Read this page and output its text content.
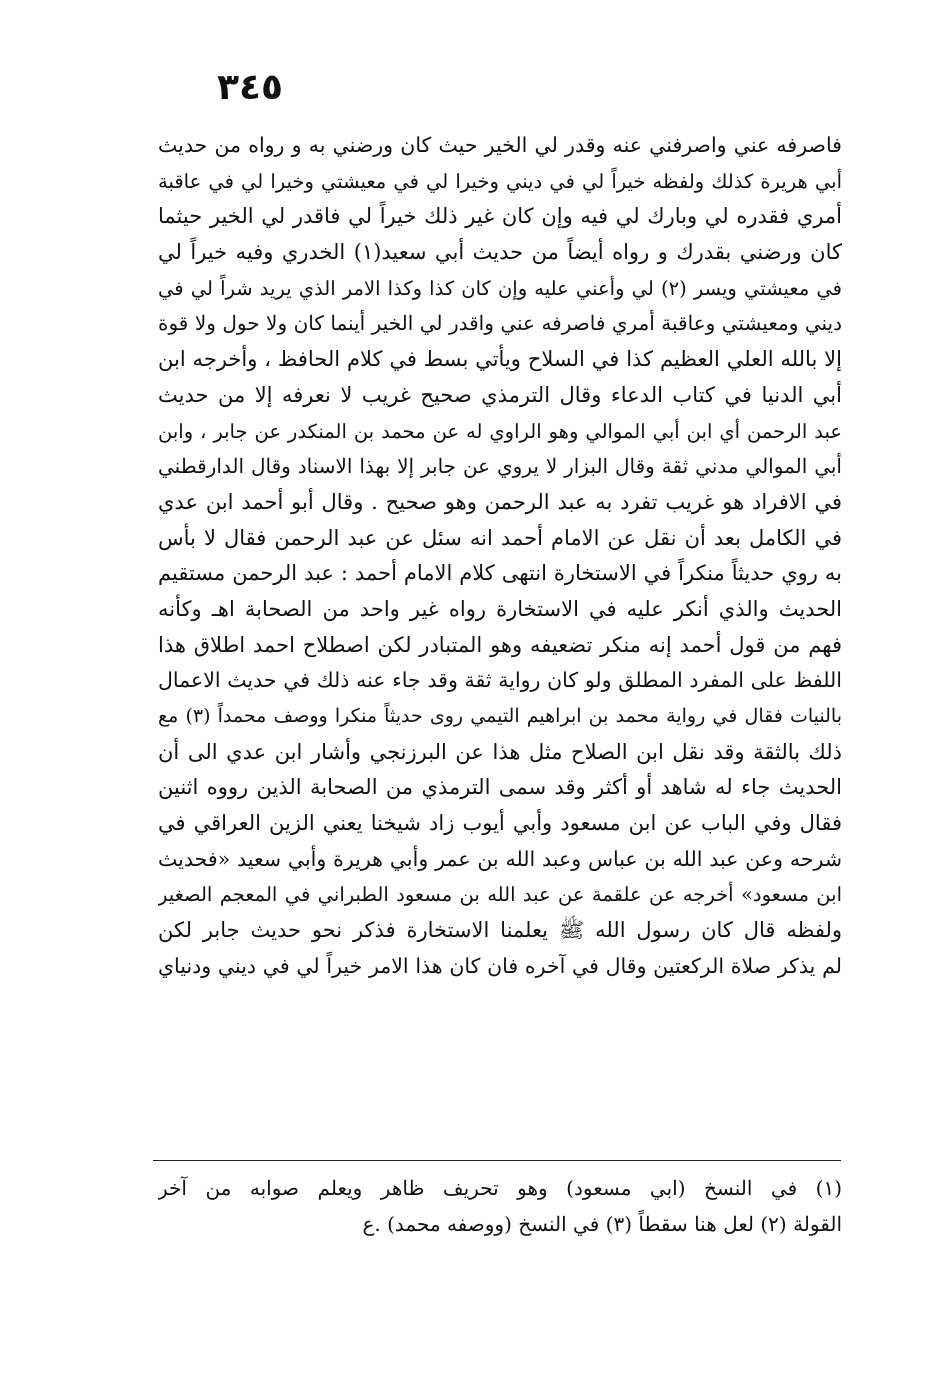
٣٤٥
فاصرفه عني واصرفني عنه وقدر لي الخير حيث كان ورضني به و رواه من حديث
أبي هريرة كذلك ولفظه خيراً لي في ديني وخيرا لي في معيشتي وخيرا لي في عاقبة
أمري فقدره لي وبارك لي فيه وإن كان غير ذلك خيراً لي فاقدر لي الخير حيثما
كان ورضني بقدرك و رواه أيضاً من حديث أبي سعيد(١) الخدري وفيه خيراً لي
في معيشتي ويسر (٢) لي وأعني عليه وإن كان كذا وكذا الامر الذي يريد شراً لي في
ديني ومعيشتي وعاقبة أمري فاصرفه عني واقدر لي الخير أينما كان ولا حول ولا قوة
إلا بالله العلي العظيم كذا في السلاح ويأتي بسط في كلام الحافظ ، وأخرجه ابن
أبي الدنيا في كتاب الدعاء وقال الترمذي صحيح غريب لا نعرفه إلا من حديث
عبد الرحمن أي ابن أبي الموالي وهو الراوي له عن محمد بن المنكدر عن جابر ، وابن
أبي الموالي مدني ثقة وقال البزار لا يروي عن جابر إلا بهذا الاسناد وقال الدارقطني
في الافراد هو غريب تفرد به عبد الرحمن وهو صحيح . وقال أبو أحمد ابن عدي
في الكامل بعد أن نقل عن الامام أحمد انه سئل عن عبد الرحمن فقال لا بأس
به روي حديثاً منكراً في الاستخارة انتهى كلام الامام أحمد : عبد الرحمن مستقيم
الحديث والذي أنكر عليه في الاستخارة رواه غير واحد من الصحابة اهـ وكأنه
فهم من قول أحمد إنه منكر تضعيفه وهو المتبادر لكن اصطلاح احمد اطلاق هذا
اللفظ على المفرد المطلق ولو كان رواية ثقة وقد جاء عنه ذلك في حديث الاعمال
بالنيات فقال في رواية محمد بن ابراهيم التيمي روى حديثاً منكرا ووصف محمداً (٣) مع
ذلك بالثقة وقد نقل ابن الصلاح مثل هذا عن البرزنجي وأشار ابن عدي الى أن
الحديث جاء له شاهد أو أكثر وقد سمى الترمذي من الصحابة الذين رووه اثنين
فقال وفي الباب عن ابن مسعود وأبي أيوب زاد شيخنا يعني الزين العراقي في
شرحه وعن عبد الله بن عباس وعبد الله بن عمر وأبي هريرة وأبي سعيد «فحديث
ابن مسعود» أخرجه عن علقمة عن عبد الله بن مسعود الطبراني في المعجم الصغير
ولفظه قال كان رسول الله ﷺ يعلمنا الاستخارة فذكر نحو حديث جابر لكن
لم يذكر صلاة الركعتين وقال في آخره فان كان هذا الامر خيراً لي في ديني ودنياي
(١) في النسخ (ابي مسعود) وهو تحريف ظاهر ويعلم صوابه من آخر
القولة (٢) لعل هنا سقطاً (٣) في النسخ (ووصفه محمد) .ع
